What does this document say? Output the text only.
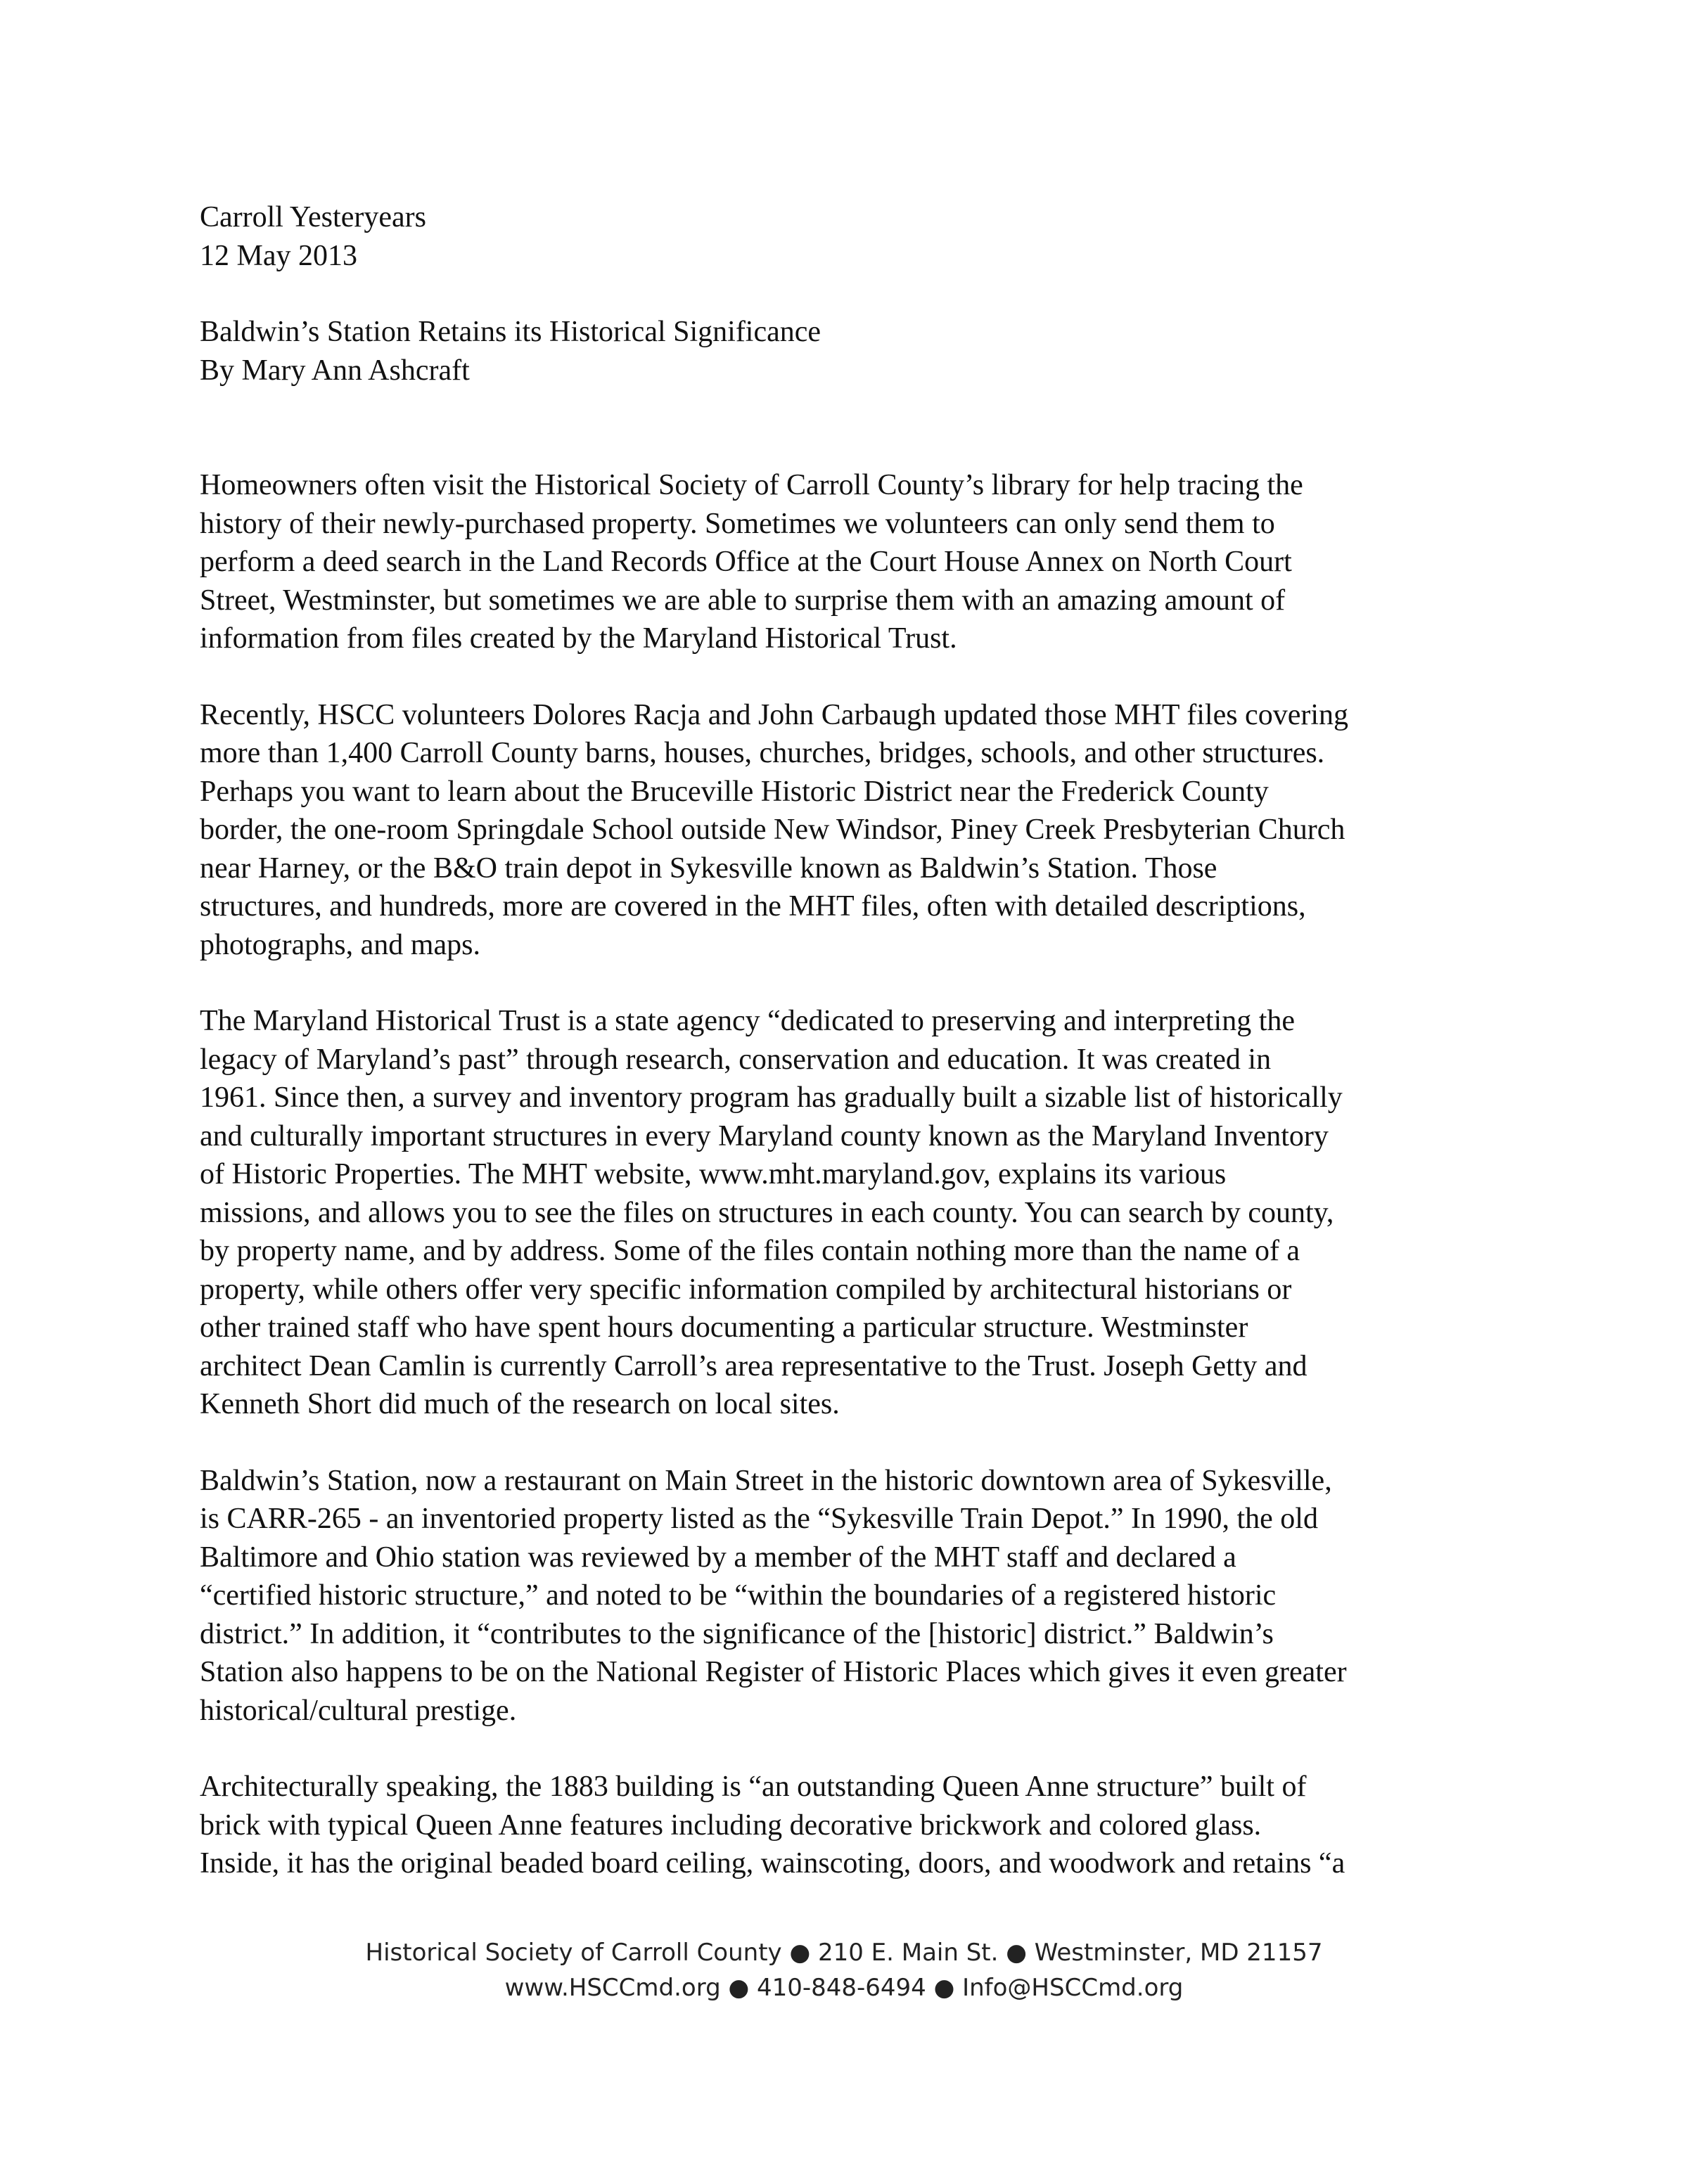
Carroll Yesteryears
12 May 2013
Baldwin’s Station Retains its Historical Significance
By Mary Ann Ashcraft

Homeowners often visit the Historical Society of Carroll County’s library for help tracing the
history of their newly-purchased property. Sometimes we volunteers can only send them to
perform a deed search in the Land Records Office at the Court House Annex on North Court
Street, Westminster, but sometimes we are able to surprise them with an amazing amount of
information from files created by the Maryland Historical Trust.

Recently, HSCC volunteers Dolores Racja and John Carbaugh updated those MHT files covering
more than 1,400 Carroll County barns, houses, churches, bridges, schools, and other structures.
Perhaps you want to learn about the Bruceville Historic District near the Frederick County
border, the one-room Springdale School outside New Windsor, Piney Creek Presbyterian Church
near Harney, or the B&O train depot in Sykesville known as Baldwin’s Station. Those
structures, and hundreds, more are covered in the MHT files, often with detailed descriptions,
photographs, and maps.

The Maryland Historical Trust is a state agency “dedicated to preserving and interpreting the
legacy of Maryland’s past” through research, conservation and education. It was created in
1961. Since then, a survey and inventory program has gradually built a sizable list of historically
and culturally important structures in every Maryland county known as the Maryland Inventory
of Historic Properties. The MHT website, www.mht.maryland.gov, explains its various
missions, and allows you to see the files on structures in each county. You can search by county,
by property name, and by address. Some of the files contain nothing more than the name of a
property, while others offer very specific information compiled by architectural historians or
other trained staff who have spent hours documenting a particular structure. Westminster
architect Dean Camlin is currently Carroll’s area representative to the Trust. Joseph Getty and
Kenneth Short did much of the research on local sites.

Baldwin’s Station, now a restaurant on Main Street in the historic downtown area of Sykesville,
is CARR-265 - an inventoried property listed as the “Sykesville Train Depot.” In 1990, the old
Baltimore and Ohio station was reviewed by a member of the MHT staff and declared a
“certified historic structure,” and noted to be “within the boundaries of a registered historic
district.” In addition, it “contributes to the significance of the [historic] district.” Baldwin’s
Station also happens to be on the National Register of Historic Places which gives it even greater
historical/cultural prestige.

Architecturally speaking, the 1883 building is “an outstanding Queen Anne structure” built of
brick with typical Queen Anne features including decorative brickwork and colored glass.
Inside, it has the original beaded board ceiling, wainscoting, doors, and woodwork and retains “a

Historical Society of Carroll County ● 210 E. Main St. ● Westminster, MD 21157
www.HSCCmd.org ● 410-848-6494 ● Info@HSCCmd.org
